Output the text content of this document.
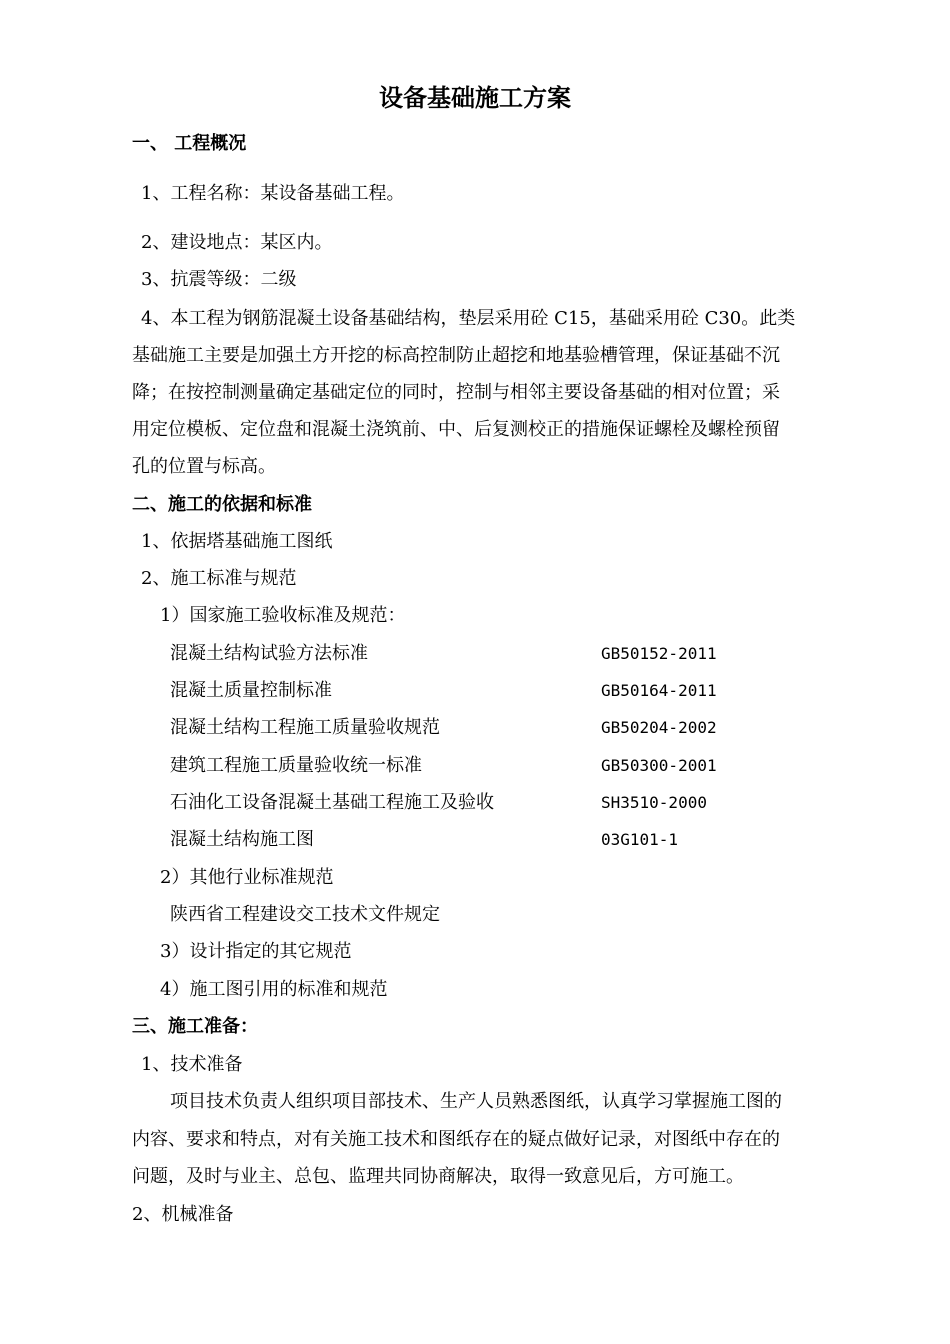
设备基础施工方案
一、 工程概况
1、工程名称：某设备基础工程。
2、建设地点：某区内。
3、抗震等级：二级
4、本工程为钢筋混凝土设备基础结构，垫层采用砼 C15，基础采用砼 C30。此类
基础施工主要是加强土方开挖的标高控制防止超挖和地基验槽管理，保证基础不沉
降；在按控制测量确定基础定位的同时，控制与相邻主要设备基础的相对位置；采
用定位模板、定位盘和混凝土浇筑前、中、后复测校正的措施保证螺栓及螺栓预留
孔的位置与标高。
二、施工的依据和标准
1、依据塔基础施工图纸
2、施工标准与规范
1）国家施工验收标准及规范：
混凝土结构试验方法标准	GB50152-2011
混凝土质量控制标准	GB50164-2011
混凝土结构工程施工质量验收规范	GB50204-2002
建筑工程施工质量验收统一标准	GB50300-2001
石油化工设备混凝土基础工程施工及验收	SH3510-2000
混凝土结构施工图	03G101-1
2）其他行业标准规范
陕西省工程建设交工技术文件规定
3）设计指定的其它规范
4）施工图引用的标准和规范
三、施工准备：
1、技术准备
项目技术负责人组织项目部技术、生产人员熟悉图纸，认真学习掌握施工图的
内容、要求和特点，对有关施工技术和图纸存在的疑点做好记录，对图纸中存在的
问题，及时与业主、总包、监理共同协商解决，取得一致意见后，方可施工。
2、机械准备
